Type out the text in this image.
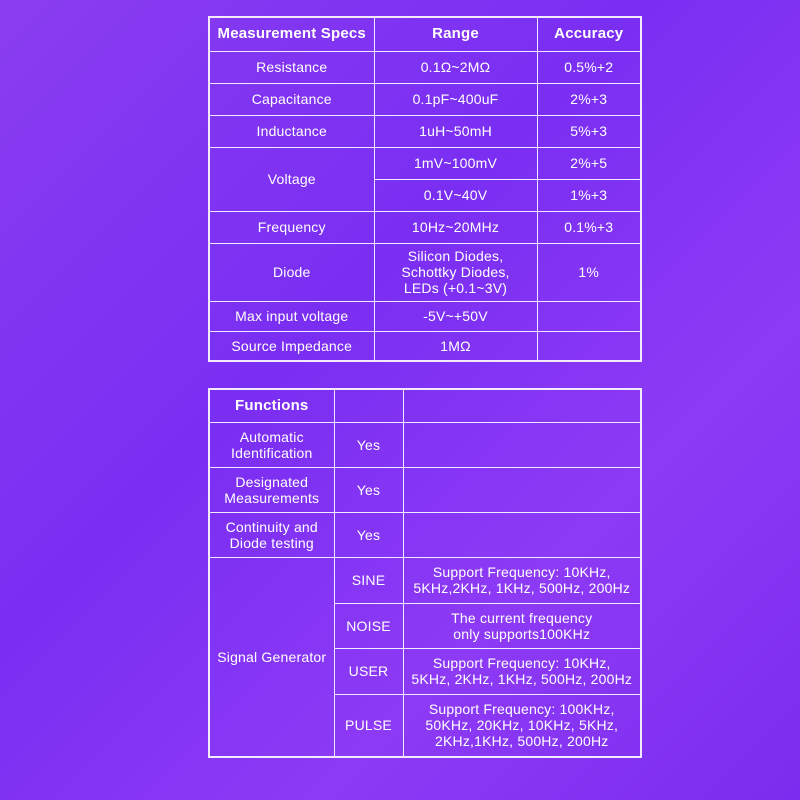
Measurement Specs	Range	Accuracy
Resistance	0.1Ω~2MΩ	0.5%+2
Capacitance	0.1pF~400uF	2%+3
Inductance	1uH~50mH	5%+3
Voltage	1mV~100mV	2%+5
	0.1V~40V	1%+3
Frequency	10Hz~20MHz	0.1%+3
Diode	Silicon Diodes,
Schottky Diodes,
LEDs (+0.1~3V)	1%
Max input voltage	-5V~+50V	
Source Impedance	1MΩ	
Functions		
Automatic
Identification	Yes	
Designated
Measurements	Yes	
Continuity and
Diode testing	Yes	
Signal Generator	SINE	Support Frequency: 10KHz,
5KHz,2KHz, 1KHz, 500Hz, 200Hz
	NOISE	The current frequency
only supports100KHz
	USER	Support Frequency: 10KHz,
5KHz, 2KHz, 1KHz, 500Hz, 200Hz
	PULSE	Support Frequency: 100KHz,
50KHz, 20KHz, 10KHz, 5KHz,
2KHz,1KHz, 500Hz, 200Hz
